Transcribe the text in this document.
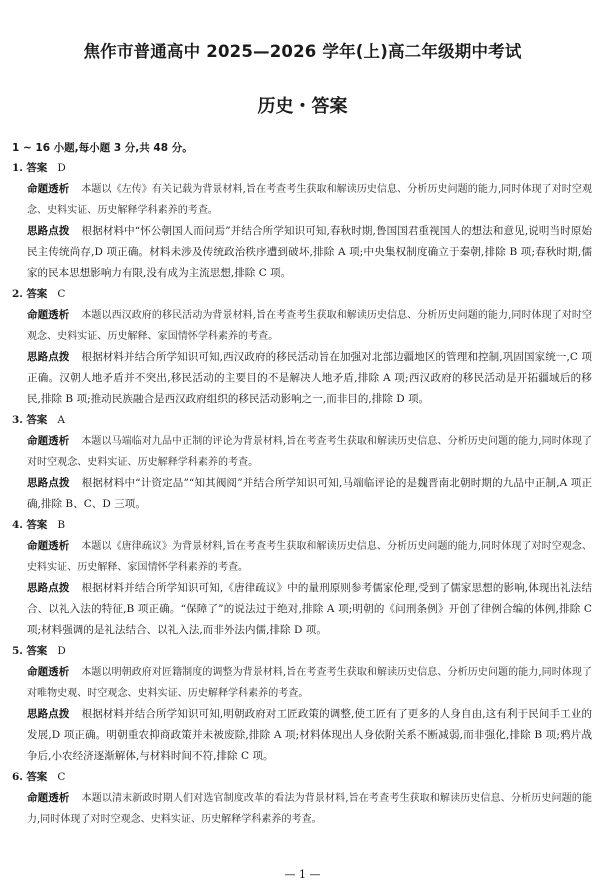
焦作市普通高中 2025—2026 学年(上)高二年级期中考试
历史・答案

1 ~ 16 小题,每小题 3 分,共 48 分。

1. 答案 D

命题透析 本题以《左传》有关记载为背景材料,旨在考查考生获取和解读历史信息、分析历史问题的能力,同时体现了对时空观念、史料实证、历史解释学科素养的考查。

思路点拨 根据材料中“怀公朝国人而问焉”并结合所学知识可知,春秋时期,鲁国国君重视国人的想法和意见,说明当时原始民主传统尚存,D 项正确。材料未涉及传统政治秩序遭到破坏,排除 A 项;中央集权制度确立于秦朝,排除 B 项;春秋时期,儒家的民本思想影响力有限,没有成为主流思想,排除 C 项。

2. 答案 C

命题透析 本题以西汉政府的移民活动为背景材料,旨在考查考生获取和解读历史信息、分析历史问题的能力,同时体现了对时空观念、史料实证、历史解释、家国情怀学科素养的考查。

思路点拨 根据材料并结合所学知识可知,西汉政府的移民活动旨在加强对北部边疆地区的管理和控制,巩固国家统一,C 项正确。汉朝人地矛盾并不突出,移民活动的主要目的不是解决人地矛盾,排除 A 项;西汉政府的移民活动是开拓疆域后的移民,排除 B 项;推动民族融合是西汉政府组织的移民活动影响之一,而非目的,排除 D 项。

3. 答案 A

命题透析 本题以马端临对九品中正制的评论为背景材料,旨在考查考生获取和解读历史信息、分析历史问题的能力,同时体现了对时空观念、史料实证、历史解释学科素养的考查。

思路点拨 根据材料中“计资定品”“知其阀阅”并结合所学知识可知,马端临评论的是魏晋南北朝时期的九品中正制,A 项正确,排除 B、C、D 三项。

4. 答案 B

命题透析 本题以《唐律疏议》为背景材料,旨在考查考生获取和解读历史信息、分析历史问题的能力,同时体现了对时空观念、史料实证、历史解释、家国情怀学科素养的考查。

思路点拨 根据材料并结合所学知识可知,《唐律疏议》中的量刑原则参考儒家伦理,受到了儒家思想的影响,体现出礼法结合、以礼入法的特征,B 项正确。“保障了”的说法过于绝对,排除 A 项;明朝的《问刑条例》开创了律例合编的体例,排除 C 项;材料强调的是礼法结合、以礼入法,而非外法内儒,排除 D 项。

5. 答案 D

命题透析 本题以明朝政府对匠籍制度的调整为背景材料,旨在考查考生获取和解读历史信息、分析历史问题的能力,同时体现了对唯物史观、时空观念、史料实证、历史解释学科素养的考查。

思路点拨 根据材料并结合所学知识可知,明朝政府对工匠政策的调整,使工匠有了更多的人身自由,这有利于民间手工业的发展,D 项正确。明朝重农抑商政策并未被废除,排除 A 项;材料体现出人身依附关系不断减弱,而非强化,排除 B 项;鸦片战争后,小农经济逐渐解体,与材料时间不符,排除 C 项。

6. 答案 C

命题透析 本题以清末新政时期人们对选官制度改革的看法为背景材料,旨在考查考生获取和解读历史信息、分析历史问题的能力,同时体现了对时空观念、史料实证、历史解释学科素养的考查。

— 1 —
